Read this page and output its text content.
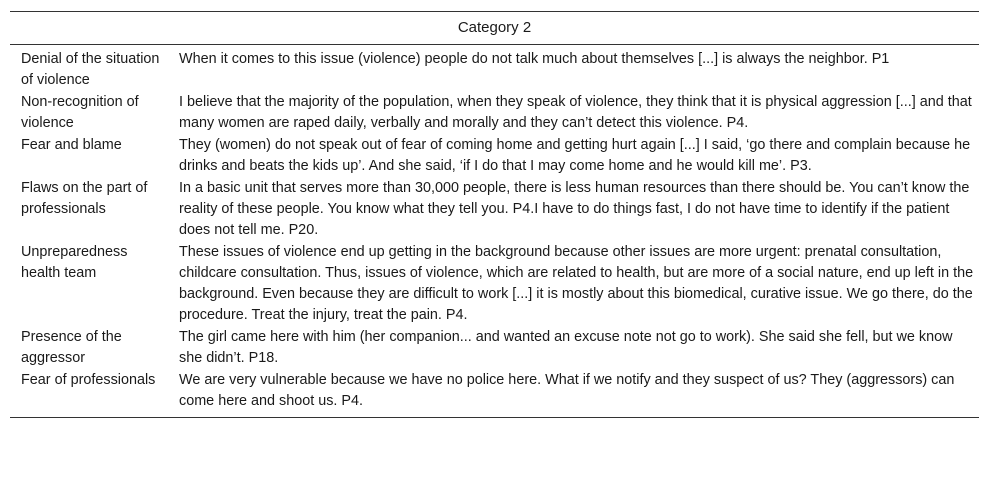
Category 2	
Denial of the situation of violence	When it comes to this issue (violence) people do not talk much about themselves [...] is always the neighbor. P1
Non-recognition of violence	I believe that the majority of the population, when they speak of violence, they think that it is physical aggression [...] and that many women are raped daily, verbally and morally and they can’t detect this violence. P4.
Fear and blame	They (women) do not speak out of fear of coming home and getting hurt again [...] I said, ‘go there and complain because he drinks and beats the kids up’. And she said, ‘if I do that I may come home and he would kill me’. P3.
Flaws on the part of professionals	In a basic unit that serves more than 30,000 people, there is less human resources than there should be. You can’t know the reality of these people. You know what they tell you. P4.I have to do things fast, I do not have time to identify if the patient does not tell me. P20.
Unpreparedness health team	These issues of violence end up getting in the background because other issues are more urgent: prenatal consultation, childcare consultation. Thus, issues of violence, which are related to health, but are more of a social nature, end up left in the background. Even because they are difficult to work [...] it is mostly about this biomedical, curative issue. We go there, do the procedure. Treat the injury, treat the pain. P4.
Presence of the aggressor	The girl came here with him (her companion... and wanted an excuse note not go to work). She said she fell, but we know she didn’t. P18.
Fear of professionals	We are very vulnerable because we have no police here. What if we notify and they suspect of us? They (aggressors) can come here and shoot us. P4.
